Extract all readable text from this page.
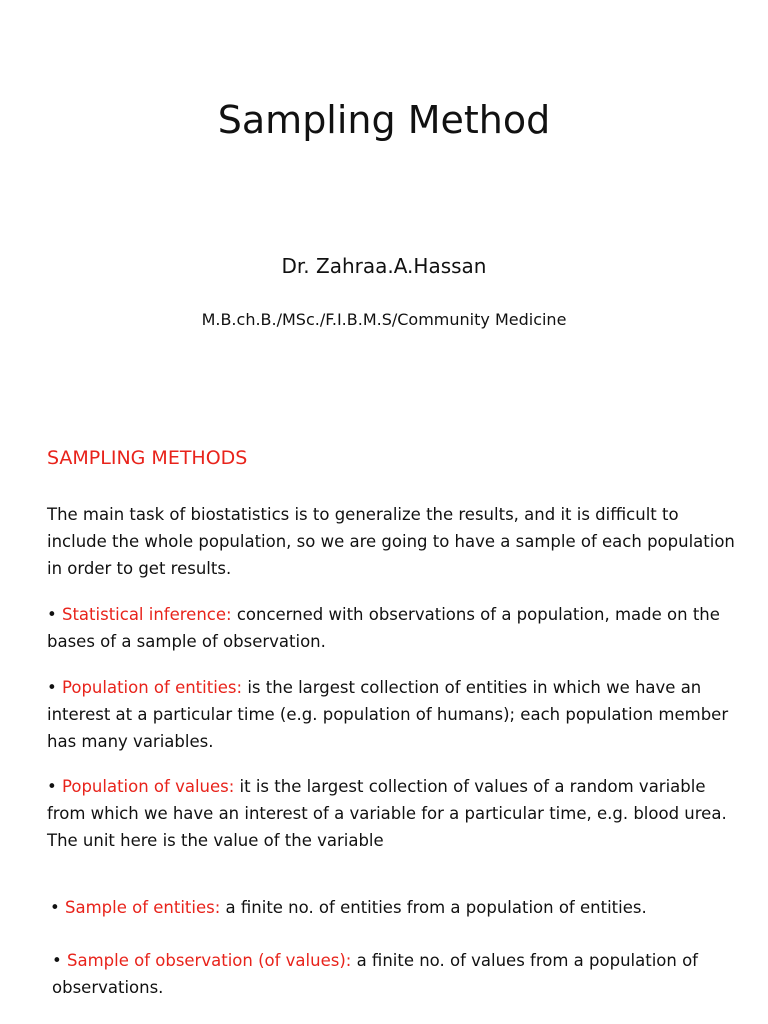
Sampling Method
Dr. Zahraa.A.Hassan
M.B.ch.B./MSc./F.I.B.M.S/Community Medicine
SAMPLING METHODS
The main task of biostatistics is to generalize the results, and it is difficult to include the whole population, so we are going to have a sample of each population in order to get results.
• Statistical inference: concerned with observations of a population, made on the bases of a sample of observation.
• Population of entities: is the largest collection of entities in which we have an interest at a particular time (e.g. population of humans); each population member has many variables.
• Population of values: it is the largest collection of values of a random variable from which we have an interest of a variable for a particular time, e.g. blood urea. The unit here is the value of the variable
• Sample of entities: a finite no. of entities from a population of entities.
• Sample of observation (of values): a finite no. of values from a population of observations.
